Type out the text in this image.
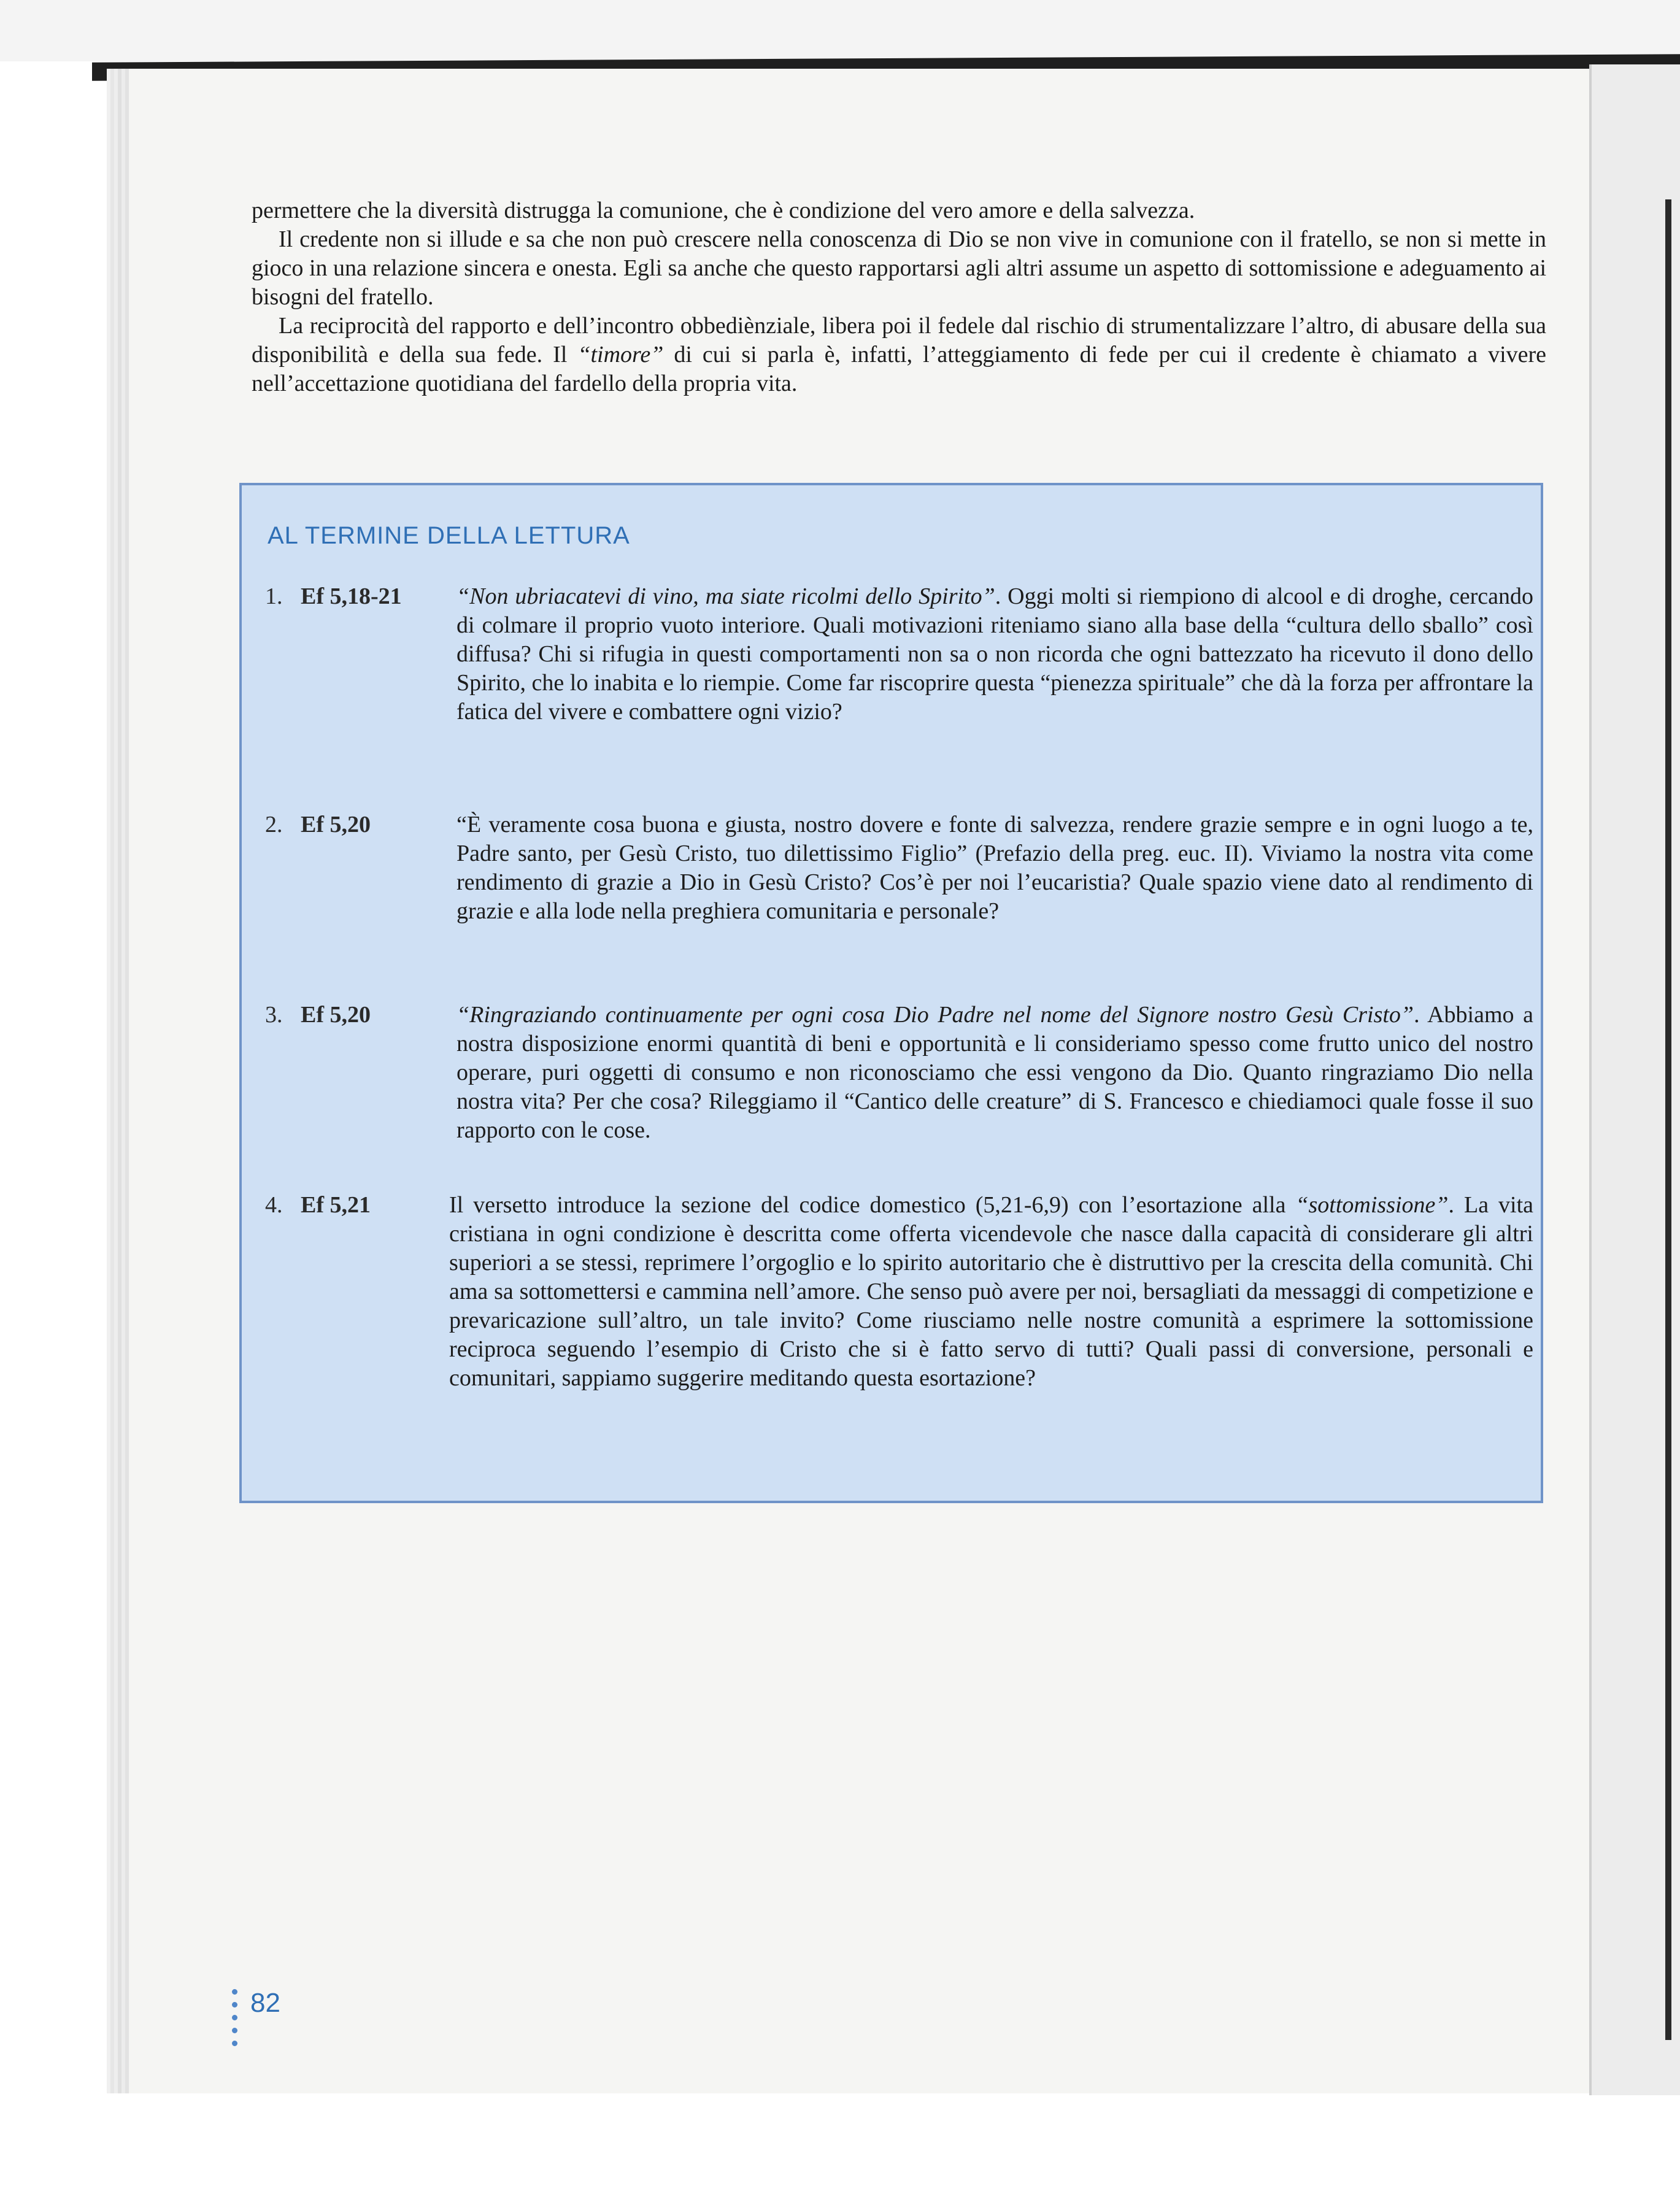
permettere che la diversità distrugga la comunione, che è condizione del vero amore e della salvezza.

Il credente non si illude e sa che non può crescere nella conoscenza di Dio se non vive in comunione con il fratello, se non si mette in gioco in una relazione sincera e onesta. Egli sa anche che questo rapportarsi agli altri assume un aspetto di sottomissione e adeguamento ai bisogni del fratello.

La reciprocità del rapporto e dell’incontro obbediènziale, libera poi il fedele dal rischio di strumentalizzare l’altro, di abusare della sua disponibilità e della sua fede. Il “timore” di cui si parla è, infatti, l’atteggiamento di fede per cui il credente è chiamato a vivere nell’accettazione quotidiana del fardello della propria vita.

AL TERMINE DELLA LETTURA
1. Ef 5,18-21 “Non ubriacatevi di vino, ma siate ricolmi dello Spirito”. Oggi molti si riempiono di alcool e di droghe, cercando di colmare il proprio vuoto interiore. Quali motivazioni riteniamo siano alla base della “cultura dello sballo” così diffusa? Chi si rifugia in questi comportamenti non sa o non ricorda che ogni battezzato ha ricevuto il dono dello Spirito, che lo inabita e lo riempie. Come far riscoprire questa “pienezza spirituale” che dà la forza per affrontare la fatica del vivere e combattere ogni vizio?
2. Ef 5,20	“È veramente cosa buona e giusta, nostro dovere e fonte di salvezza, rendere grazie sempre e in ogni luogo a te, Padre santo, per Gesù Cristo, tuo dilettissimo Figlio” (Prefazio della preg. euc. II). Viviamo la nostra vita come rendimento di grazie a Dio in Gesù Cristo? Cos’è per noi l’eucaristia? Quale spazio viene dato al rendimento di grazie e alla lode nella preghiera comunitaria e personale?
3. Ef 5,20	“Ringraziando continuamente per ogni cosa Dio Padre nel nome del Signore nostro Gesù Cristo”. Abbiamo a nostra disposizione enormi quantità di beni e opportunità e li consideriamo spesso come frutto unico del nostro operare, puri oggetti di consumo e non riconosciamo che essi vengono da Dio. Quanto ringraziamo Dio nella nostra vita? Per che cosa? Rileggiamo il “Cantico delle creature” di S. Francesco e chiediamoci quale fosse il suo rapporto con le cose.
4. Ef 5,21	Il versetto introduce la sezione del codice domestico (5,21-6,9) con l’esortazione alla “sottomissione”. La vita cristiana in ogni condizione è descritta come offerta vicendevole che nasce dalla capacità di considerare gli altri superiori a se stessi, reprimere l’orgoglio e lo spirito autoritario che è distruttivo per la crescita della comunità. Chi ama sa sottomettersi e cammina nell’amore. Che senso può avere per noi, bersagliati da messaggi di competizione e prevaricazione sull’altro, un tale invito? Come riusciamo nelle nostre comunità a esprimere la sottomissione reciproca seguendo l’esempio di Cristo che si è fatto servo di tutti? Quali passi di conversione, personali e comunitari, sappiamo suggerire meditando questa esortazione?
82
